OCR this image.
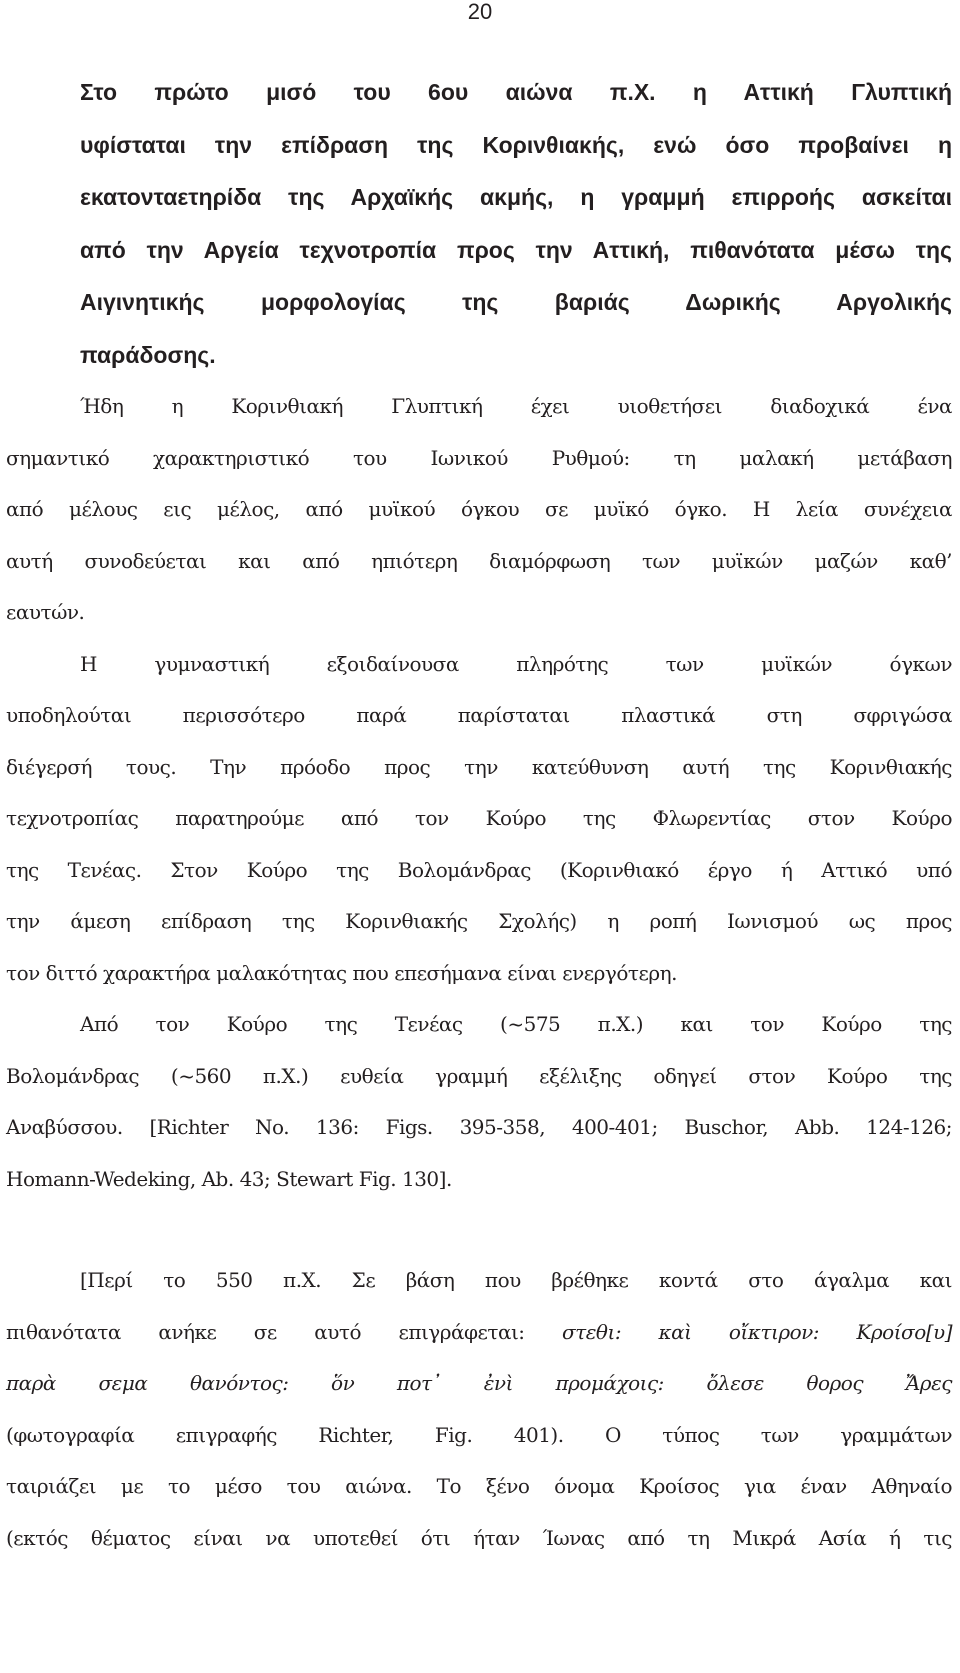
20

Στο πρώτο μισό του 6ου αιώνα π.Χ. η Αττική Γλυπτική
υφίσταται την επίδραση της Κορινθιακής, ενώ όσο προβαίνει η
εκατονταετηρίδα της Αρχαϊκής ακμής, η γραμμή επιρροής ασκείται
από την Αργεία τεχνοτροπία προς την Αττική, πιθανότατα μέσω της
Αιγινητικής μορφολογίας της βαριάς Δωρικής Αργολικής
παράδοσης.

Ήδη η Κορινθιακή Γλυπτική έχει υιοθετήσει διαδοχικά ένα
σημαντικό χαρακτηριστικό του Ιωνικού Ρυθμού: τη μαλακή μετάβαση
από μέλους εις μέλος, από μυϊκού όγκου σε μυϊκό όγκο. Η λεία συνέχεια
αυτή συνοδεύεται και από ηπιότερη διαμόρφωση των μυϊκών μαζών καθ’
εαυτών.

Η γυμναστική εξοιδαίνουσα πληρότης των μυϊκών όγκων
υποδηλούται περισσότερο παρά παρίσταται πλαστικά στη σφριγώσα
διέγερσή τους. Την πρόοδο προς την κατεύθυνση αυτή της Κορινθιακής
τεχνοτροπίας παρατηρούμε από τον Κούρο της Φλωρεντίας στον Κούρο
της Τενέας. Στον Κούρο της Βολομάνδρας (Κορινθιακό έργο ή Αττικό υπό
την άμεση επίδραση της Κορινθιακής Σχολής) η ροπή Ιωνισμού ως προς
τον διττό χαρακτήρα μαλακότητας που επεσήμανα είναι ενεργότερη.

Από τον Κούρο της Τενέας (~575 π.Χ.) και τον Κούρο της
Βολομάνδρας (~560 π.Χ.) ευθεία γραμμή εξέλιξης οδηγεί στον Κούρο της
Αναβύσσου. [Richter No. 136: Figs. 395-358, 400-401; Buschor, Abb. 124-126;
Homann-Wedeking, Ab. 43; Stewart Fig. 130].

[Περί το 550 π.Χ. Σε βάση που βρέθηκε κοντά στο άγαλμα και
πιθανότατα ανήκε σε αυτό επιγράφεται: στεθι: καὶ οἴκτιρον: Κροίσο[υ]
παρὰ σεμα θανόντος: ὅν ποτ᾽ ἐνὶ προμάχοις: ὄλεσε θορος Ἄρες
(φωτογραφία επιγραφής Richter, Fig. 401). Ο τύπος των γραμμάτων
ταιριάζει με το μέσο του αιώνα. Το ξένο όνομα Κροίσος για έναν Αθηναίο
(εκτός θέματος είναι να υποτεθεί ότι ήταν Ίωνας από τη Μικρά Ασία ή τις
